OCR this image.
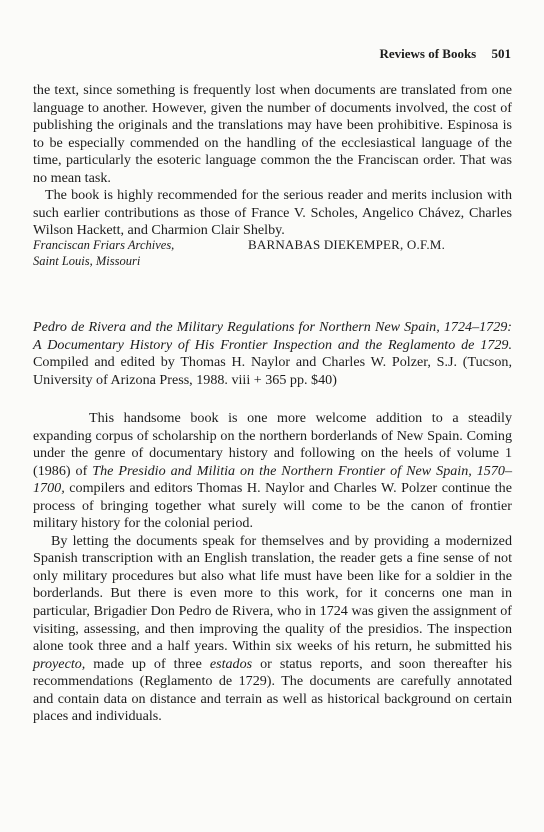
Reviews of Books 501

the text, since something is frequently lost when documents are translated from one language to another. However, given the number of documents involved, the cost of publishing the originals and the translations may have been prohibitive. Espinosa is to be especially commended on the handling of the ecclesiastical language of the time, particularly the esoteric language common the the Franciscan order. That was no mean task.

The book is highly recommended for the serious reader and merits inclusion with such earlier contributions as those of France V. Scholes, Angelico Chávez, Charles Wilson Hackett, and Charmion Clair Shelby.

Franciscan Friars Archives,
Saint Louis, Missouri
BARNABAS DIEKEMPER, O.F.M.

Pedro de Rivera and the Military Regulations for Northern New Spain, 1724–1729: A Documentary History of His Frontier Inspection and the Reglamento de 1729. Compiled and edited by Thomas H. Naylor and Charles W. Polzer, S.J. (Tucson, University of Arizona Press, 1988. viii + 365 pp. $40)

This handsome book is one more welcome addition to a steadily expanding corpus of scholarship on the northern borderlands of New Spain. Coming under the genre of documentary history and following on the heels of volume 1 (1986) of The Presidio and Militia on the Northern Frontier of New Spain, 1570–1700, compilers and editors Thomas H. Naylor and Charles W. Polzer continue the process of bringing together what surely will come to be the canon of frontier military history for the colonial period.

By letting the documents speak for themselves and by providing a modernized Spanish transcription with an English translation, the reader gets a fine sense of not only military procedures but also what life must have been like for a soldier in the borderlands. But there is even more to this work, for it concerns one man in particular, Brigadier Don Pedro de Rivera, who in 1724 was given the assignment of visiting, assessing, and then improving the quality of the presidios. The inspection alone took three and a half years. Within six weeks of his return, he submitted his proyecto, made up of three estados or status reports, and soon thereafter his recommendations (Reglamento de 1729). The documents are carefully annotated and contain data on distance and terrain as well as historical background on certain places and individuals.
